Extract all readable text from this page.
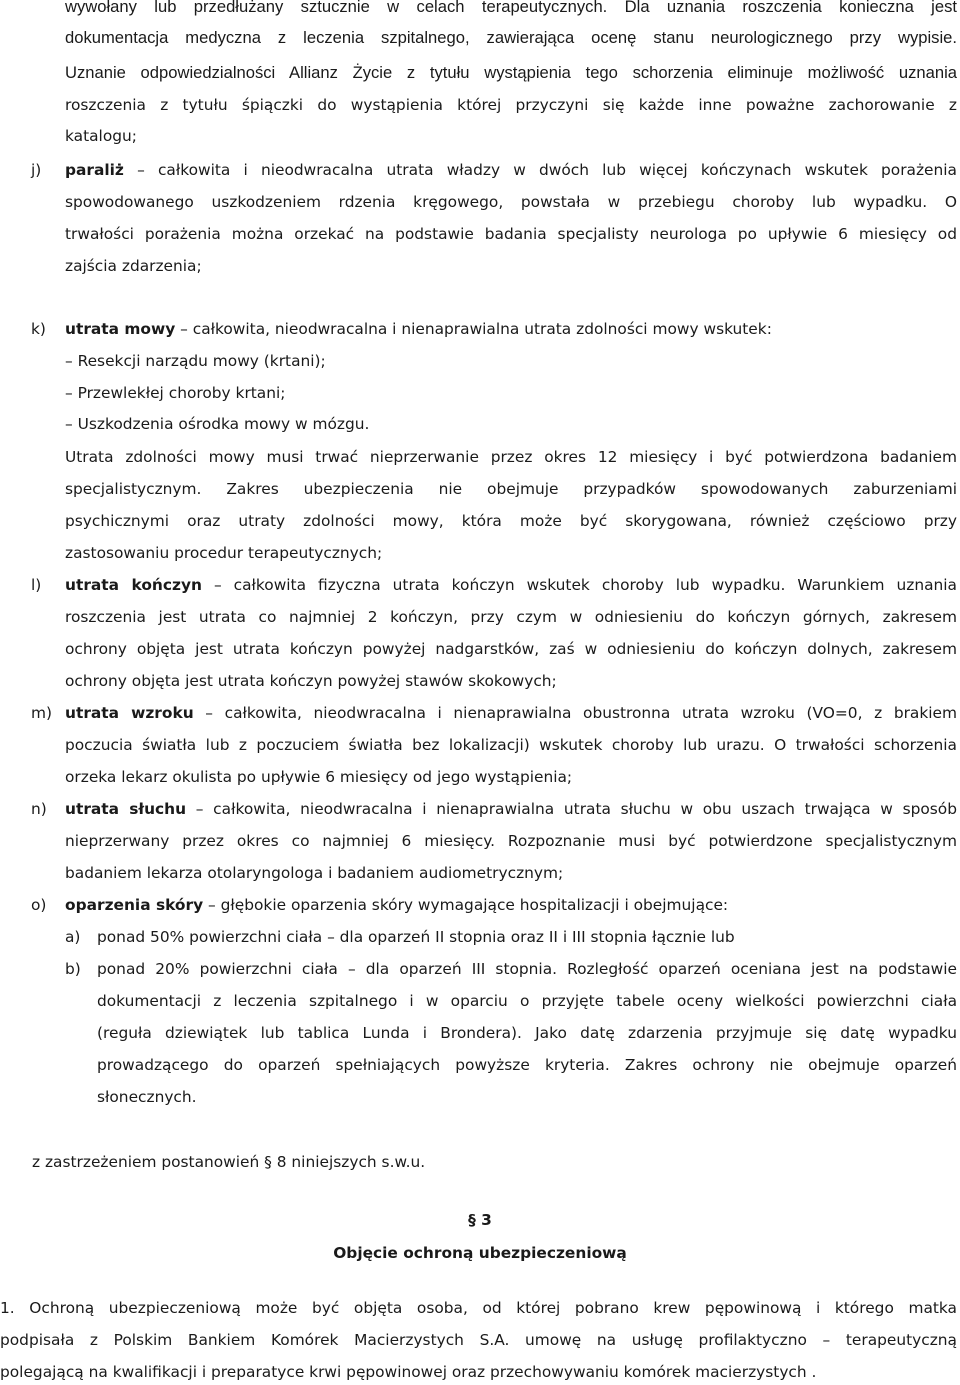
wywołany lub przedłużany sztucznie w celach terapeutycznych. Dla uznania roszczenia konieczna jest
dokumentacja medyczna z leczenia szpitalnego, zawierająca ocenę stanu neurologicznego przy wypisie.
Uznanie odpowiedzialności Allianz Życie z tytułu wystąpienia tego schorzenia eliminuje możliwość uznania
roszczenia z tytułu śpiączki do wystąpienia której przyczyni się każde inne poważne zachorowanie z
katalogu;
j) paraliż – całkowita i nieodwracalna utrata władzy w dwóch lub więcej kończynach wskutek porażenia
spowodowanego uszkodzeniem rdzenia kręgowego, powstała w przebiegu choroby lub wypadku. O
trwałości porażenia można orzekać na podstawie badania specjalisty neurologa po upływie 6 miesięcy od
zajścia zdarzenia;
k) utrata mowy – całkowita, nieodwracalna i nienaprawialna utrata zdolności mowy wskutek:
– Resekcji narządu mowy (krtani);
– Przewlekłej choroby krtani;
– Uszkodzenia ośrodka mowy w mózgu.
Utrata zdolności mowy musi trwać nieprzerwanie przez okres 12 miesięcy i być potwierdzona badaniem
specjalistycznym. Zakres ubezpieczenia nie obejmuje przypadków spowodowanych zaburzeniami
psychicznymi oraz utraty zdolności mowy, która może być skorygowana, również częściowo przy
zastosowaniu procedur terapeutycznych;
l) utrata kończyn – całkowita fizyczna utrata kończyn wskutek choroby lub wypadku. Warunkiem uznania
roszczenia jest utrata co najmniej 2 kończyn, przy czym w odniesieniu do kończyn górnych, zakresem
ochrony objęta jest utrata kończyn powyżej nadgarstków, zaś w odniesieniu do kończyn dolnych, zakresem
ochrony objęta jest utrata kończyn powyżej stawów skokowych;
m) utrata wzroku – całkowita, nieodwracalna i nienaprawialna obustronna utrata wzroku (VO=0, z brakiem
poczucia światła lub z poczuciem światła bez lokalizacji) wskutek choroby lub urazu. O trwałości schorzenia
orzeka lekarz okulista po upływie 6 miesięcy od jego wystąpienia;
n) utrata słuchu – całkowita, nieodwracalna i nienaprawialna utrata słuchu w obu uszach trwająca w sposób
nieprzerwany przez okres co najmniej 6 miesięcy. Rozpoznanie musi być potwierdzone specjalistycznym
badaniem lekarza otolaryngologa i badaniem audiometrycznym;
o) oparzenia skóry – głębokie oparzenia skóry wymagające hospitalizacji i obejmujące:
a) ponad 50% powierzchni ciała – dla oparzeń II stopnia oraz II i III stopnia łącznie lub
b) ponad 20% powierzchni ciała – dla oparzeń III stopnia. Rozległość oparzeń oceniana jest na podstawie
dokumentacji z leczenia szpitalnego i w oparciu o przyjęte tabele oceny wielkości powierzchni ciała
(reguła dziewiątek lub tablica Lunda i Brondera). Jako datę zdarzenia przyjmuje się datę wypadku
prowadzącego do oparzeń spełniających powyższe kryteria. Zakres ochrony nie obejmuje oparzeń
słonecznych.
z zastrzeżeniem postanowień § 8 niniejszych s.w.u.
§ 3
Objęcie ochroną ubezpieczeniową
1. Ochroną ubezpieczeniową może być objęta osoba, od której pobrano krew pępowinową i którego matka
podpisała z Polskim Bankiem Komórek Macierzystych S.A. umowę na usługę profilaktyczno – terapeutyczną
polegającą na kwalifikacji i preparatyce krwi pępowinowej oraz przechowywaniu komórek macierzystych .
